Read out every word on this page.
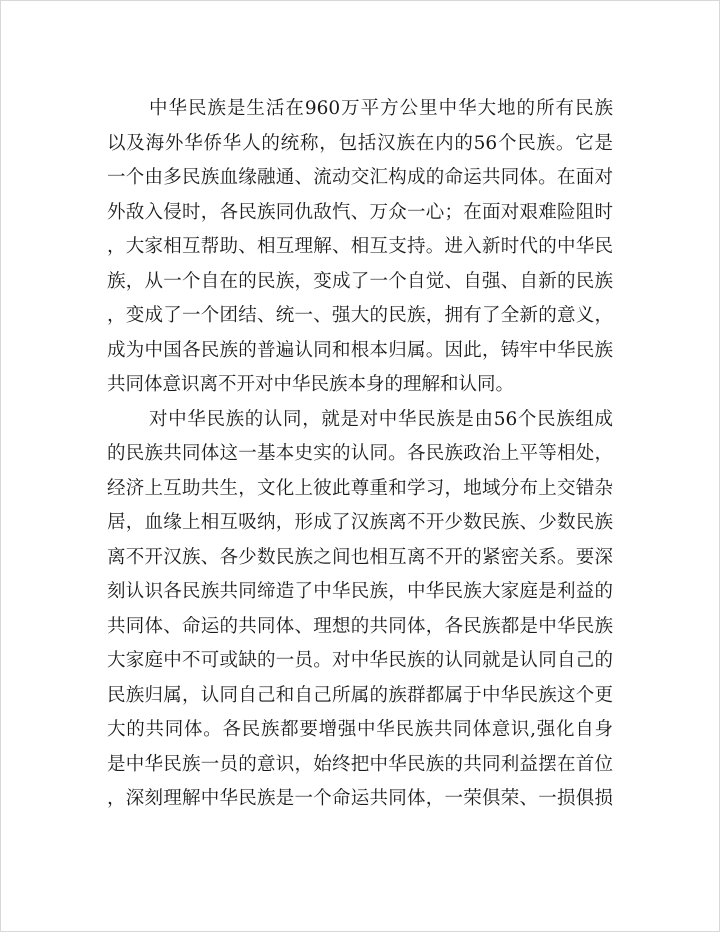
中华民族是生活在960万平方公里中华大地的所有民族
以及海外华侨华人的统称，包括汉族在内的56个民族。它是
一个由多民族血缘融通、流动交汇构成的命运共同体。在面对
外敌入侵时，各民族同仇敌忾、万众一心；在面对艰难险阻时
，大家相互帮助、相互理解、相互支持。进入新时代的中华民
族，从一个自在的民族，变成了一个自觉、自强、自新的民族
，变成了一个团结、统一、强大的民族，拥有了全新的意义，
成为中国各民族的普遍认同和根本归属。因此，铸牢中华民族
共同体意识离不开对中华民族本身的理解和认同。
对中华民族的认同，就是对中华民族是由56个民族组成
的民族共同体这一基本史实的认同。各民族政治上平等相处，
经济上互助共生，文化上彼此尊重和学习，地域分布上交错杂
居，血缘上相互吸纳，形成了汉族离不开少数民族、少数民族
离不开汉族、各少数民族之间也相互离不开的紧密关系。要深
刻认识各民族共同缔造了中华民族，中华民族大家庭是利益的
共同体、命运的共同体、理想的共同体，各民族都是中华民族
大家庭中不可或缺的一员。对中华民族的认同就是认同自己的
民族归属，认同自己和自己所属的族群都属于中华民族这个更
大的共同体。各民族都要增强中华民族共同体意识,强化自身
是中华民族一员的意识，始终把中华民族的共同利益摆在首位
，深刻理解中华民族是一个命运共同体，一荣俱荣、一损俱损
